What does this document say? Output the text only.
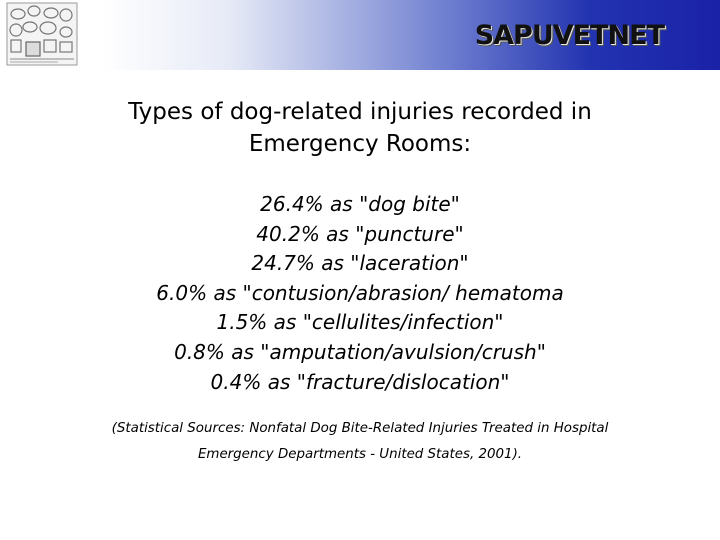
SAPUVETNET
Types of dog-related injuries recorded in
Emergency Rooms:
26.4% as "dog bite"
40.2% as "puncture"
24.7% as "laceration"
6.0% as "contusion/abrasion/ hematoma
1.5% as "cellulites/infection"
0.8% as "amputation/avulsion/crush"
0.4% as "fracture/dislocation"
(Statistical Sources: Nonfatal Dog Bite-Related Injuries Treated in Hospital
Emergency Departments - United States, 2001).
